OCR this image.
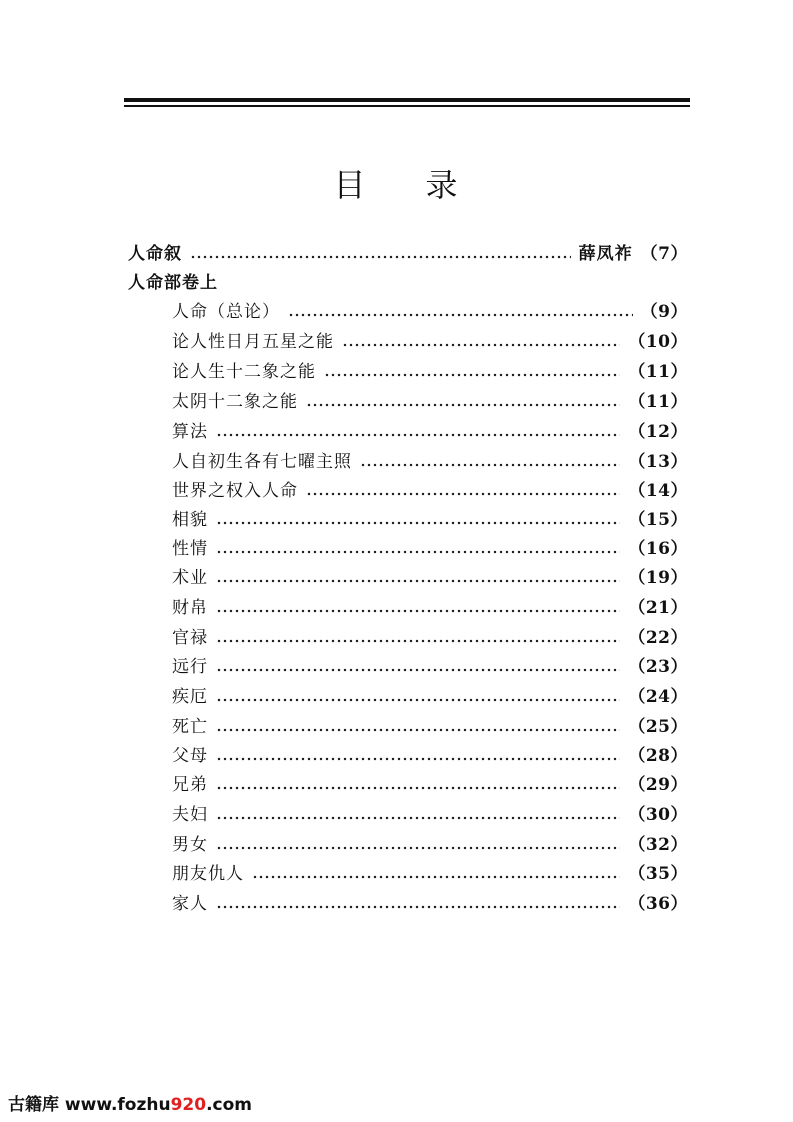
目 录
人命叙	薛凤祚 （7）
人命部卷上
人命（总论）	（9）
论人性日月五星之能	（10）
论人生十二象之能	（11）
太阴十二象之能	（11）
算法	（12）
人自初生各有七曜主照	（13）
世界之权入人命	（14）
相貌	（15）
性情	（16）
术业	（19）
财帛	（21）
官禄	（22）
远行	（23）
疾厄	（24）
死亡	（25）
父母	（28）
兄弟	（29）
夫妇	（30）
男女	（32）
朋友仇人	（35）
家人	（36）
古籍库 www.fozhu920.com
